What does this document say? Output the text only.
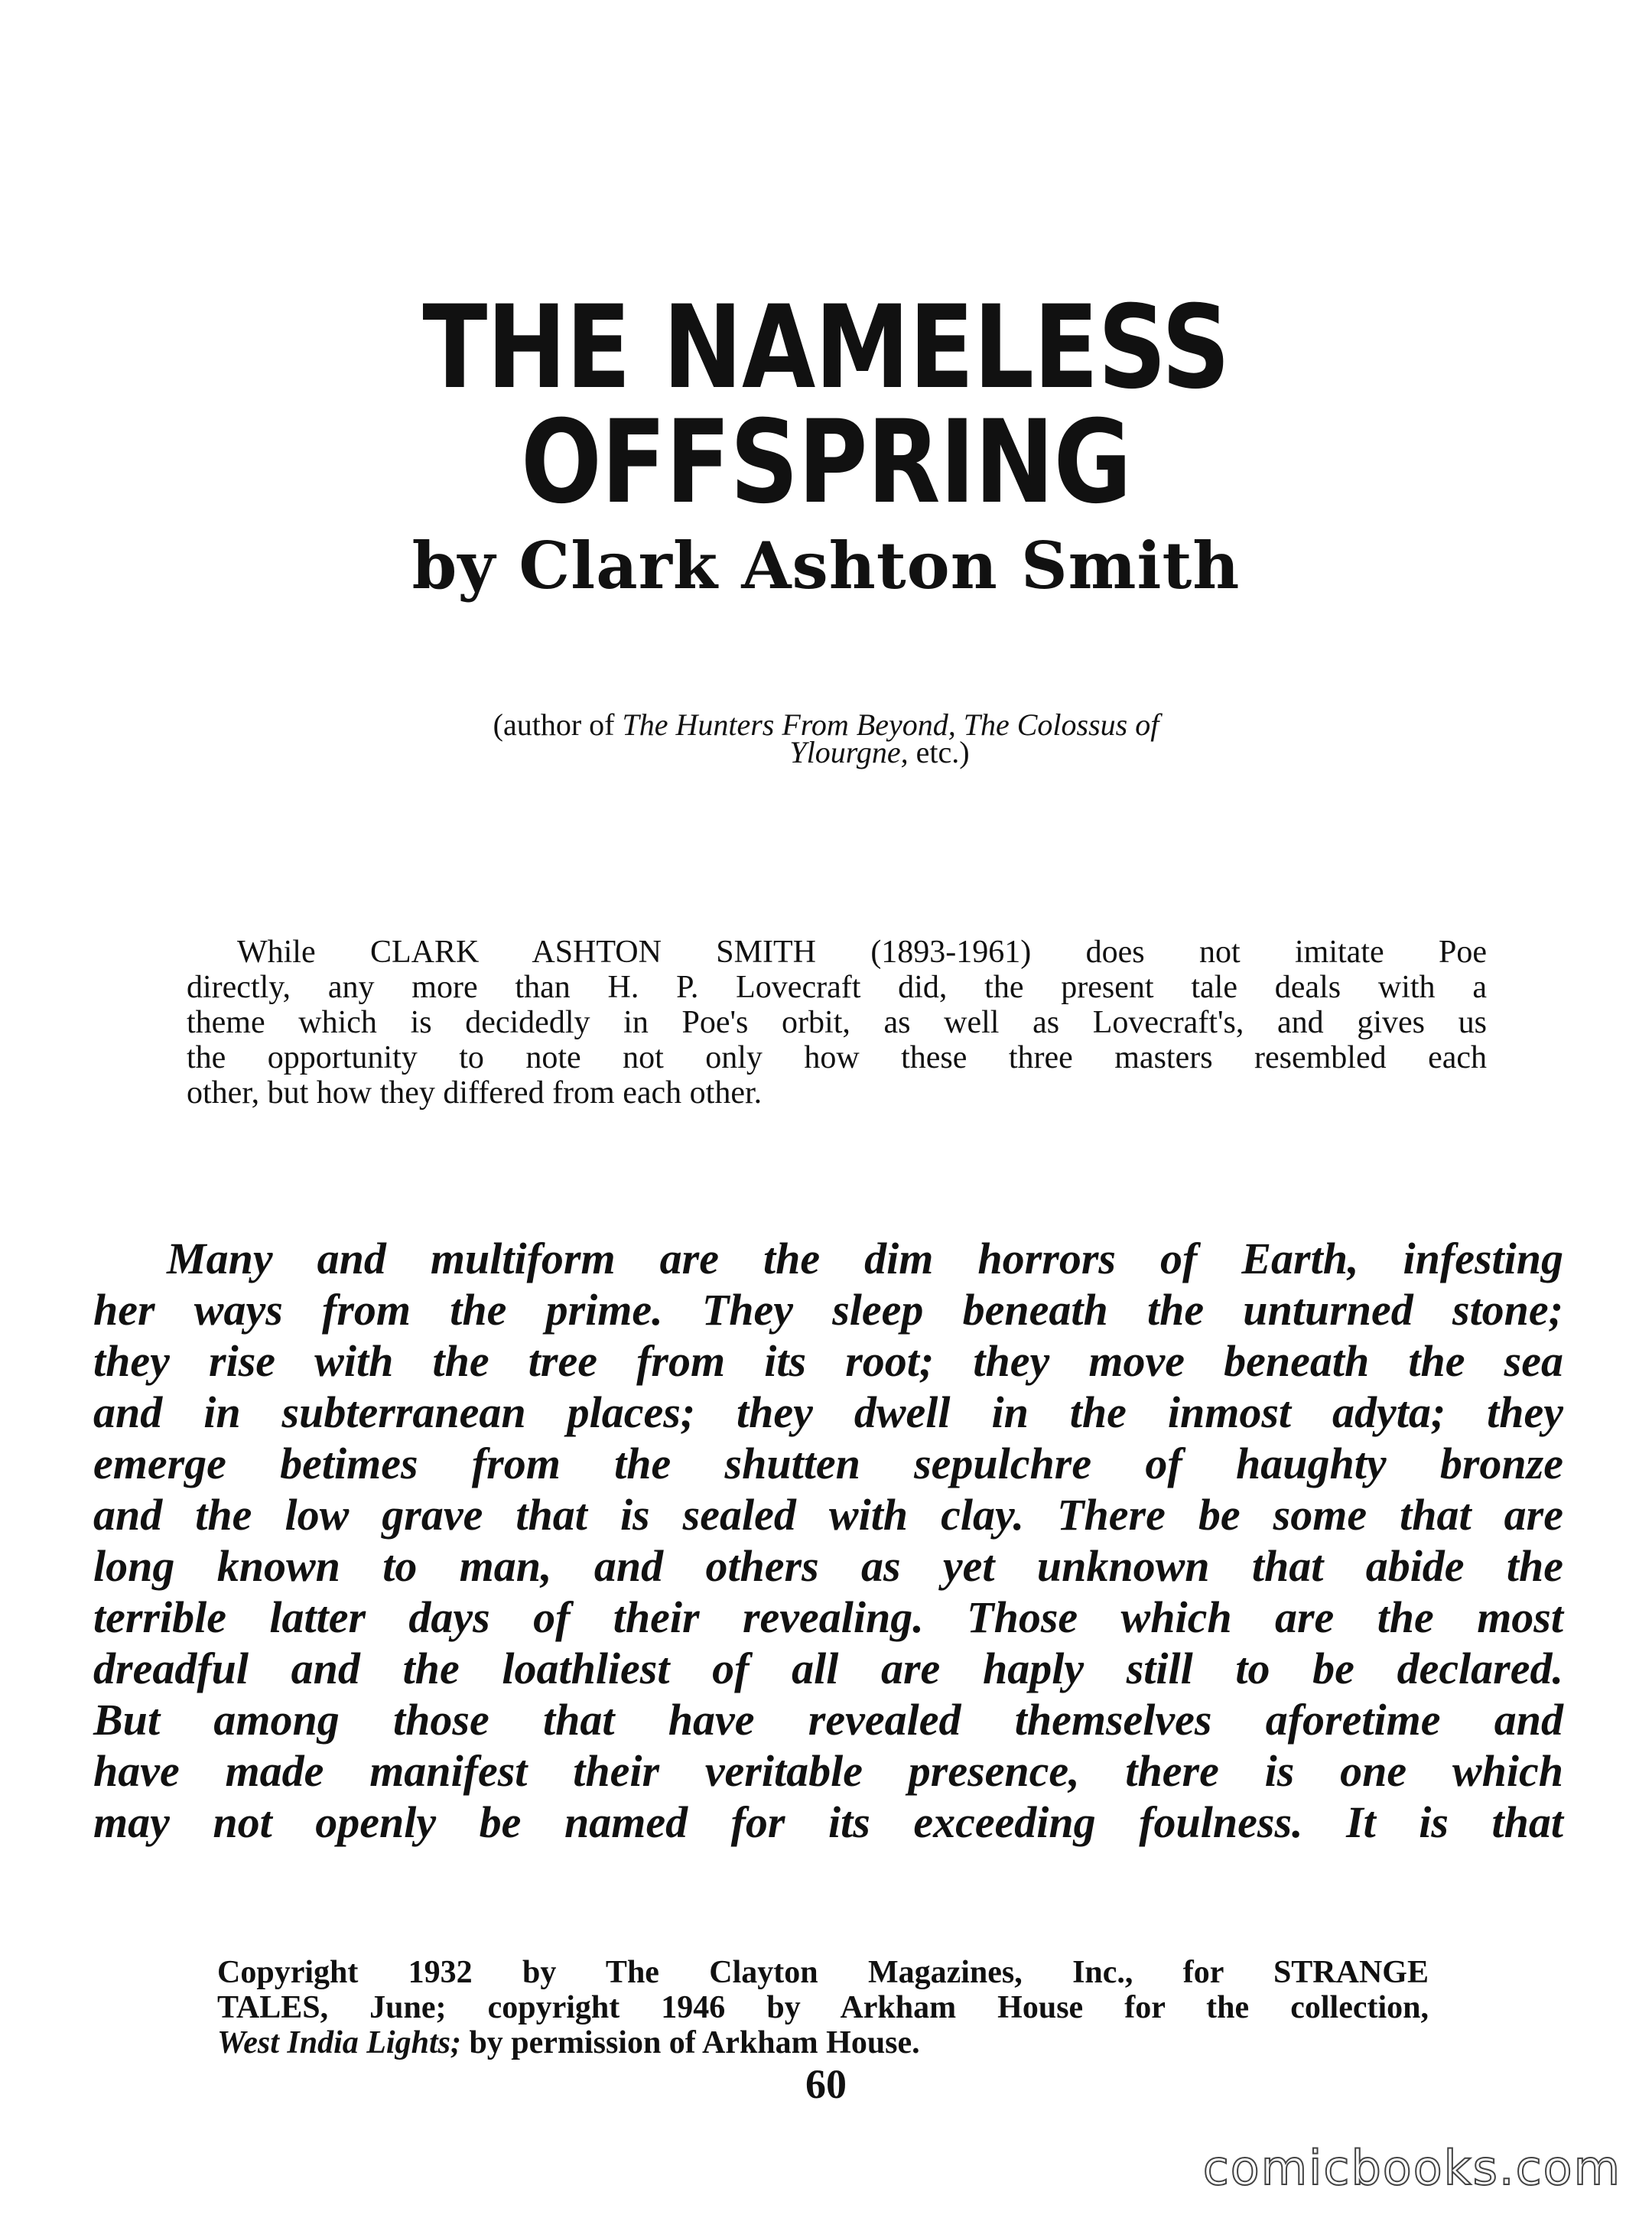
THE NAMELESS OFFSPRING
by Clark Ashton Smith
(author of The Hunters From Beyond, The Colossus of
Ylourgne, etc.)
While CLARK ASHTON SMITH (1893-1961) does not imitate Poe
directly, any more than H. P. Lovecraft did, the present tale deals with a
theme which is decidedly in Poe's orbit, as well as Lovecraft's, and gives us
the opportunity to note not only how these three masters resembled each
other, but how they differed from each other.
Many and multiform are the dim horrors of Earth, infesting
her ways from the prime. They sleep beneath the unturned stone;
they rise with the tree from its root; they move beneath the sea
and in subterranean places; they dwell in the inmost adyta; they
emerge betimes from the shutten sepulchre of haughty bronze
and the low grave that is sealed with clay. There be some that are
long known to man, and others as yet unknown that abide the
terrible latter days of their revealing. Those which are the most
dreadful and the loathliest of all are haply still to be declared.
But among those that have revealed themselves aforetime and
have made manifest their veritable presence, there is one which
may not openly be named for its exceeding foulness. It is that
Copyright 1932 by The Clayton Magazines, Inc., for STRANGE
TALES, June; copyright 1946 by Arkham House for the collection,
West India Lights; by permission of Arkham House.
60
comicbooks.com
